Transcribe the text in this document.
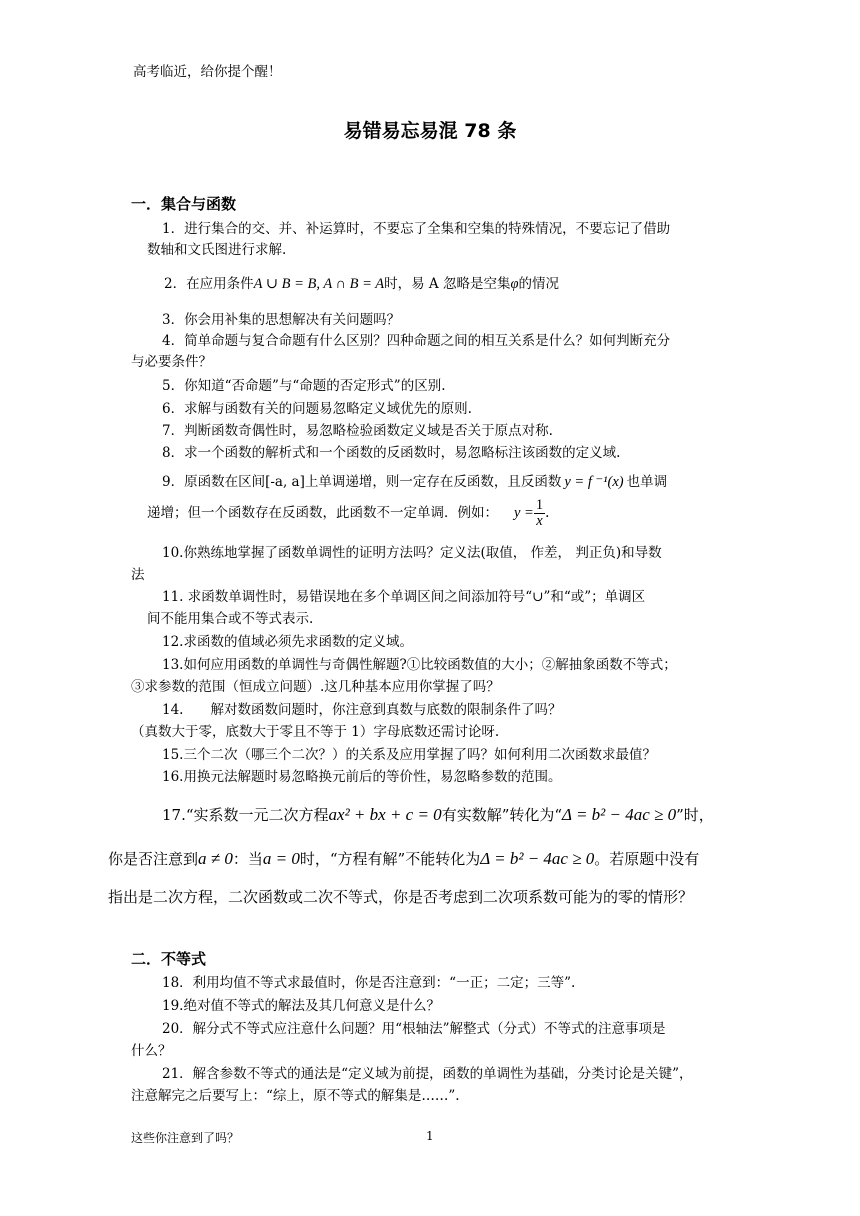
高考临近，给你提个醒！
易错易忘易混 78 条
一．集合与函数
1．进行集合的交、并、补运算时，不要忘了全集和空集的特殊情况，不要忘记了借助
数轴和文氏图进行求解.
2．在应用条件A ∪ B = B, A ∩ B = A时，易 A 忽略是空集φ的情况
3．你会用补集的思想解决有关问题吗？
4．简单命题与复合命题有什么区别？四种命题之间的相互关系是什么？如何判断充分
与必要条件？
5．你知道“否命题”与“命题的否定形式”的区别.
6．求解与函数有关的问题易忽略定义域优先的原则.
7．判断函数奇偶性时，易忽略检验函数定义域是否关于原点对称.
8．求一个函数的解析式和一个函数的反函数时，易忽略标注该函数的定义域.
9．原函数在区间[-a, a]上单调递增，则一定存在反函数，且反函数 y = f ⁻¹(x) 也单调
递增；但一个函数存在反函数，此函数不一定单调．例如： $y = \frac{1}{x}$ .
10.你熟练地掌握了函数单调性的证明方法吗？定义法(取值， 作差， 判正负)和导数
法
11. 求函数单调性时，易错误地在多个单调区间之间添加符号“∪”和“或”；单调区
间不能用集合或不等式表示.
12.求函数的值域必须先求函数的定义域。
13.如何应用函数的单调性与奇偶性解题?①比较函数值的大小；②解抽象函数不等式；
③求参数的范围（恒成立问题）.这几种基本应用你掌握了吗？
14.　　解对数函数问题时，你注意到真数与底数的限制条件了吗？
（真数大于零，底数大于零且不等于 1）字母底数还需讨论呀.
15.三个二次（哪三个二次？）的关系及应用掌握了吗？如何利用二次函数求最值？
16.用换元法解题时易忽略换元前后的等价性，易忽略参数的范围。
17.“实系数一元二次方程ax² + bx + c = 0有实数解”转化为“Δ = b² − 4ac ≥ 0”时，
你是否注意到a ≠ 0：当a = 0时，“方程有解”不能转化为Δ = b² − 4ac ≥ 0。若原题中没有
指出是二次方程，二次函数或二次不等式，你是否考虑到二次项系数可能为的零的情形？
二．不等式
18．利用均值不等式求最值时，你是否注意到：“一正；二定；三等”.
19.绝对值不等式的解法及其几何意义是什么？
20．解分式不等式应注意什么问题？用“根轴法”解整式（分式）不等式的注意事项是
什么？
21．解含参数不等式的通法是“定义域为前提，函数的单调性为基础，分类讨论是关键”，
注意解完之后要写上：“综上，原不等式的解集是……”.
这些你注意到了吗？	1
